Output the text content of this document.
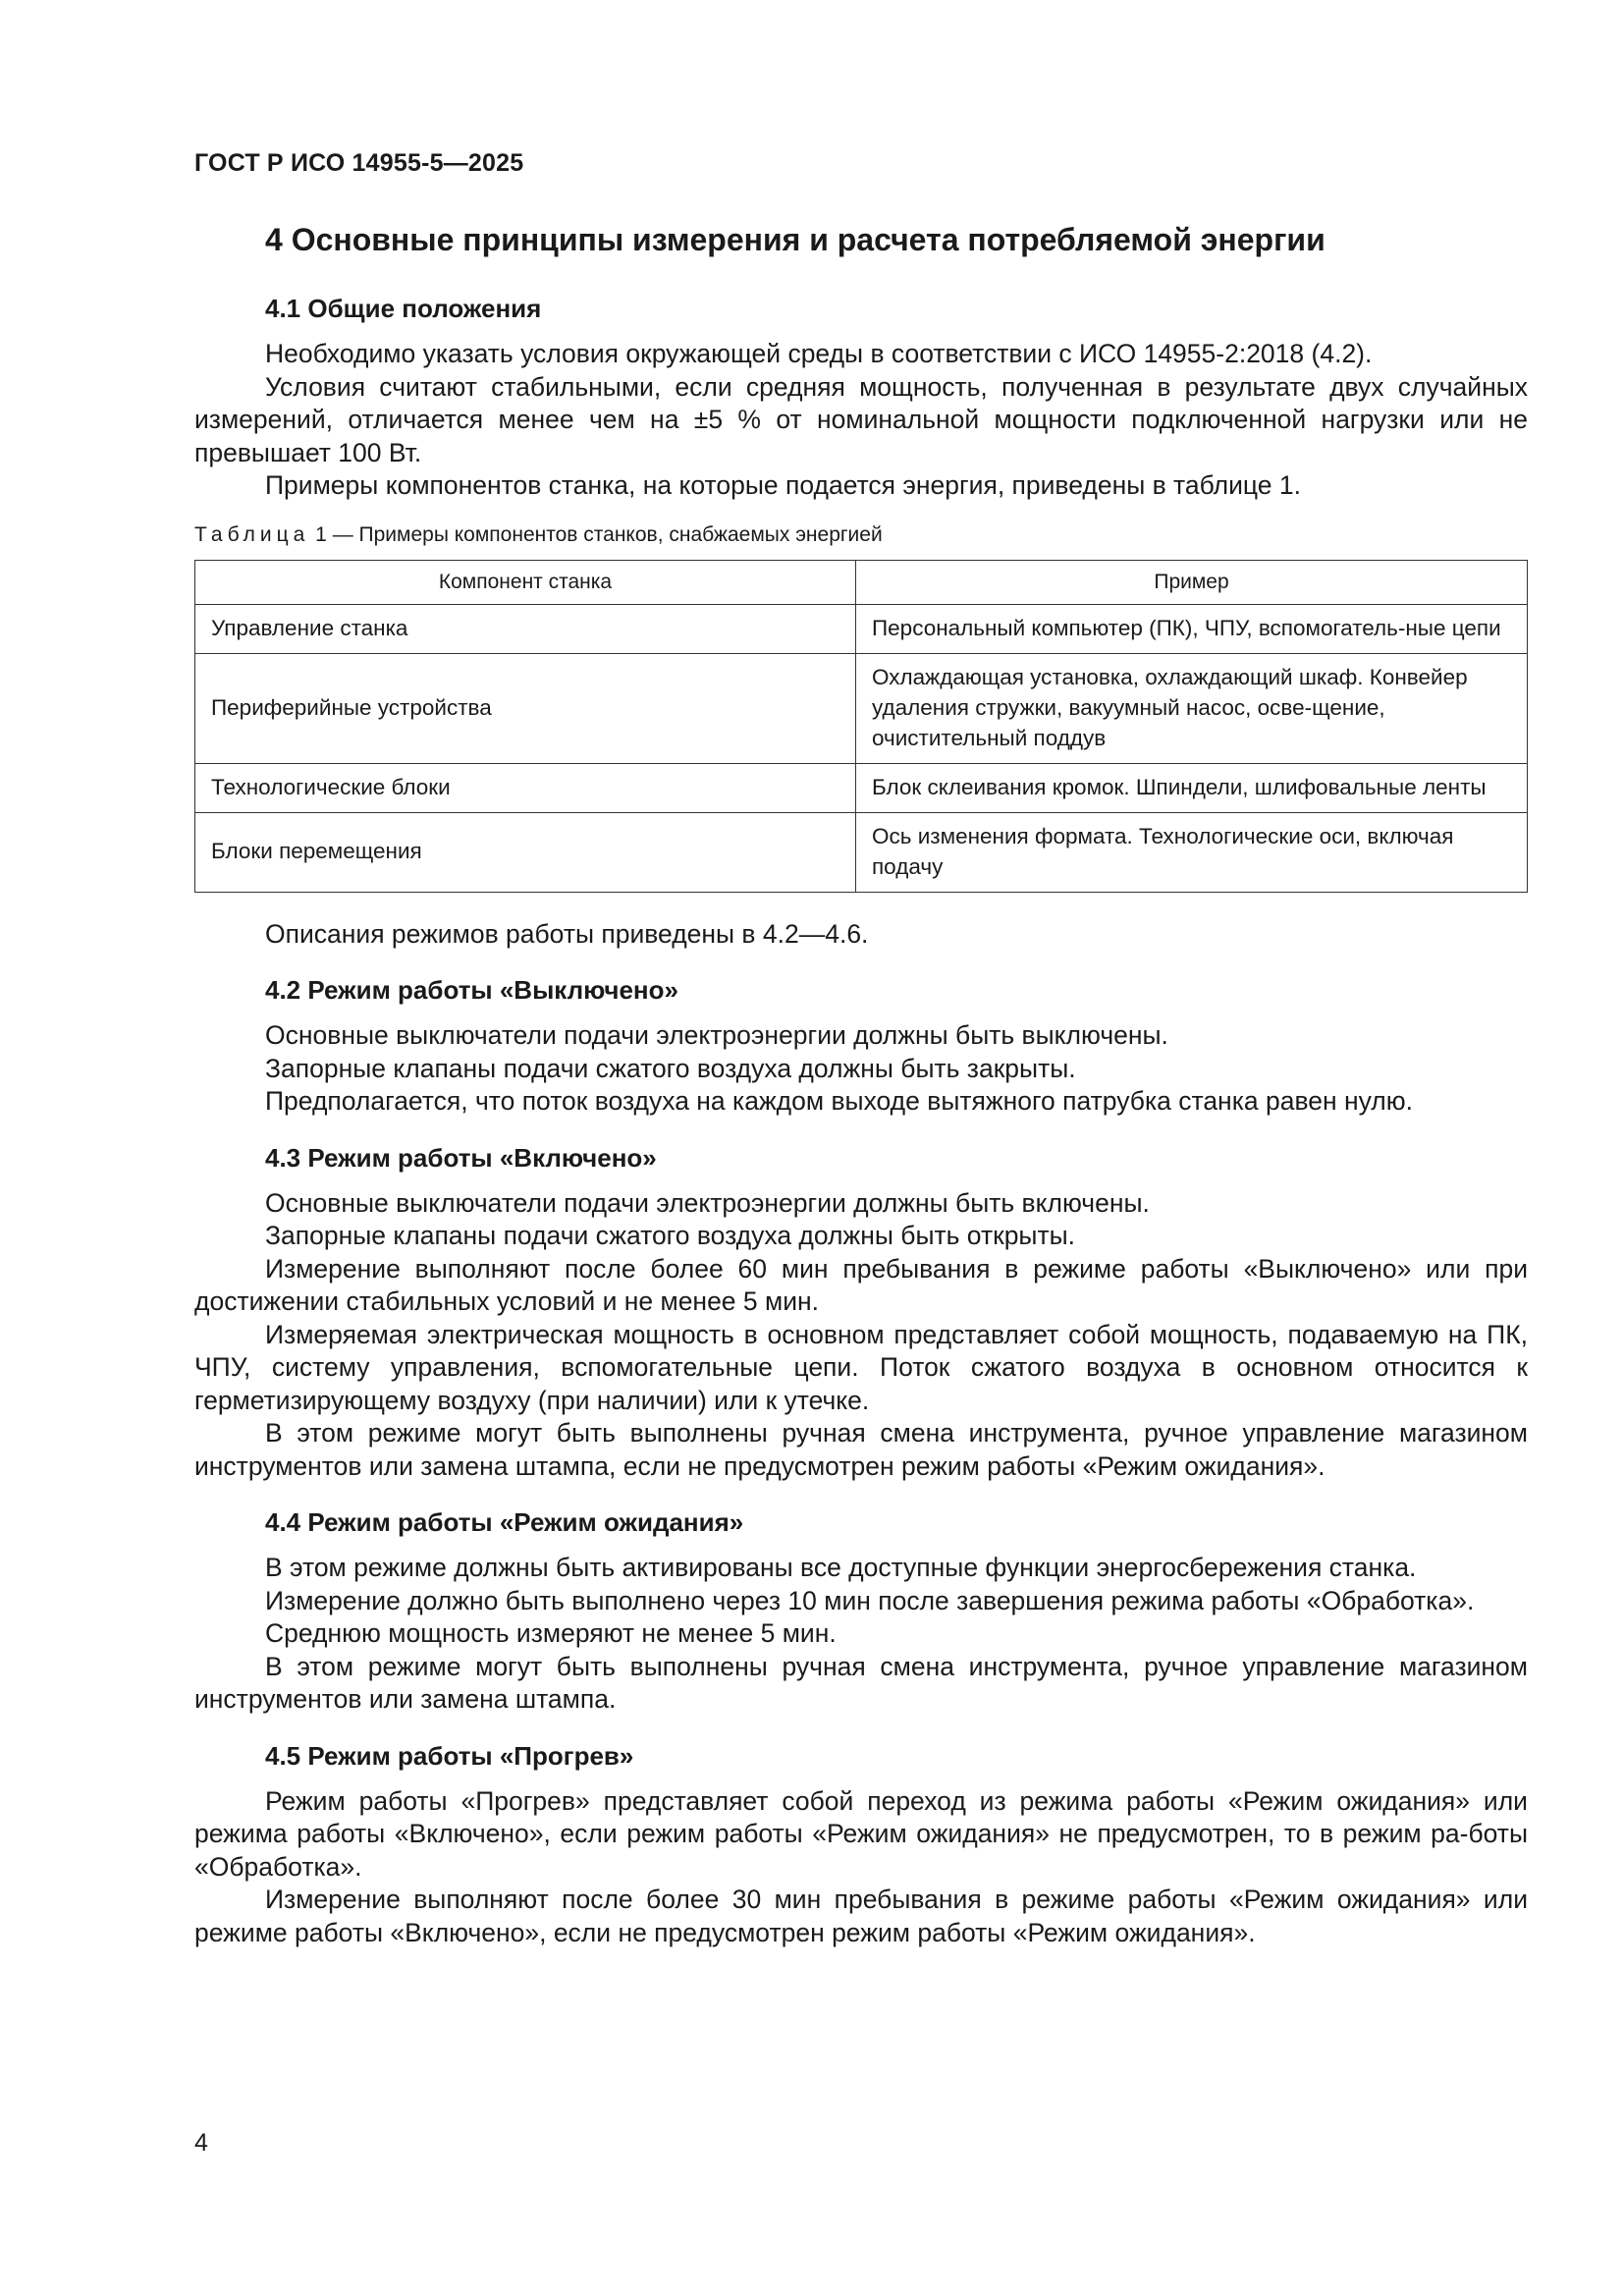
ГОСТ Р ИСО 14955-5—2025
4 Основные принципы измерения и расчета потребляемой энергии
4.1 Общие положения

Необходимо указать условия окружающей среды в соответствии с ИСО 14955-2:2018 (4.2).

Условия считают стабильными, если средняя мощность, полученная в результате двух случайных измерений, отличается менее чем на ±5 % от номинальной мощности подключенной нагрузки или не превышает 100 Вт.

Примеры компонентов станка, на которые подается энергия, приведены в таблице 1.

Таблица 1 — Примеры компонентов станков, снабжаемых энергией
Компонент станка	Пример
Управление станка	Персональный компьютер (ПК), ЧПУ, вспомогатель-ные цепи
Периферийные устройства	Охлаждающая установка, охлаждающий шкаф. Конвейер удаления стружки, вакуумный насос, осве-щение, очистительный поддув
Технологические блоки	Блок склеивания кромок. Шпиндели, шлифовальные ленты
Блоки перемещения	Ось изменения формата. Технологические оси, включая подачу

Описания режимов работы приведены в 4.2—4.6.

4.2 Режим работы «Выключено»

Основные выключатели подачи электроэнергии должны быть выключены.

Запорные клапаны подачи сжатого воздуха должны быть закрыты.

Предполагается, что поток воздуха на каждом выходе вытяжного патрубка станка равен нулю.

4.3 Режим работы «Включено»

Основные выключатели подачи электроэнергии должны быть включены.

Запорные клапаны подачи сжатого воздуха должны быть открыты.

Измерение выполняют после более 60 мин пребывания в режиме работы «Выключено» или при достижении стабильных условий и не менее 5 мин.

Измеряемая электрическая мощность в основном представляет собой мощность, подаваемую на ПК, ЧПУ, систему управления, вспомогательные цепи. Поток сжатого воздуха в основном относится к герметизирующему воздуху (при наличии) или к утечке.

В этом режиме могут быть выполнены ручная смена инструмента, ручное управление магазином инструментов или замена штампа, если не предусмотрен режим работы «Режим ожидания».

4.4 Режим работы «Режим ожидания»

В этом режиме должны быть активированы все доступные функции энергосбережения станка.

Измерение должно быть выполнено через 10 мин после завершения режима работы «Обработка».

Среднюю мощность измеряют не менее 5 мин.

В этом режиме могут быть выполнены ручная смена инструмента, ручное управление магазином инструментов или замена штампа.

4.5 Режим работы «Прогрев»

Режим работы «Прогрев» представляет собой переход из режима работы «Режим ожидания» или режима работы «Включено», если режим работы «Режим ожидания» не предусмотрен, то в режим ра-боты «Обработка».

Измерение выполняют после более 30 мин пребывания в режиме работы «Режим ожидания» или режиме работы «Включено», если не предусмотрен режим работы «Режим ожидания».

4
